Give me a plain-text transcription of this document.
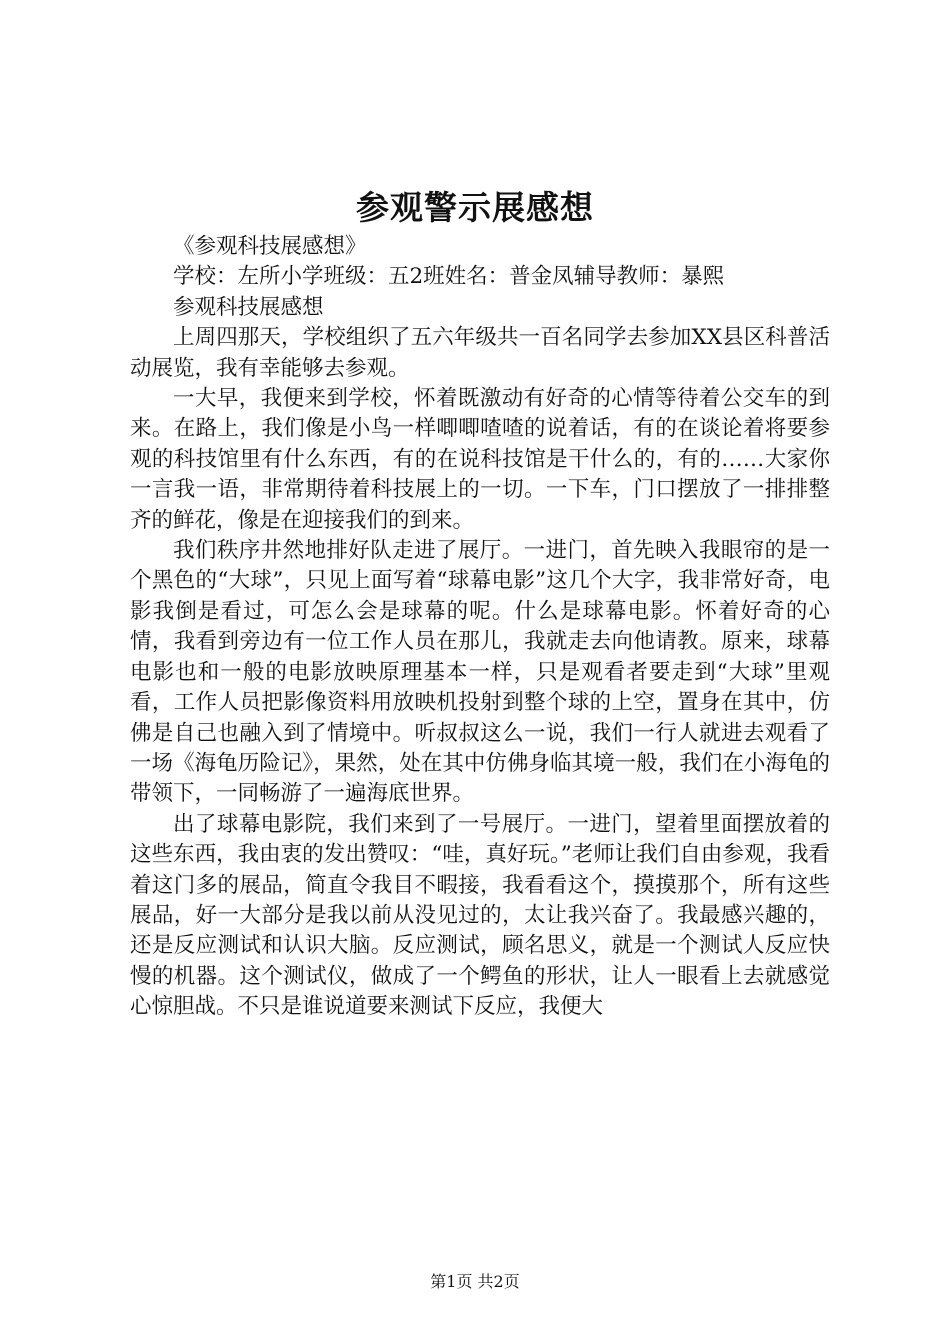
参观警示展感想

《参观科技展感想》

学校：左所小学班级：五2班姓名：普金凤辅导教师：暴熙

参观科技展感想

上周四那天，学校组织了五六年级共一百名同学去参加XX县区科普活动展览，我有幸能够去参观。

一大早，我便来到学校，怀着既激动有好奇的心情等待着公交车的到来。在路上，我们像是小鸟一样唧唧喳喳的说着话，有的在谈论着将要参观的科技馆里有什么东西，有的在说科技馆是干什么的，有的……大家你一言我一语，非常期待着科技展上的一切。一下车，门口摆放了一排排整齐的鲜花，像是在迎接我们的到来。

我们秩序井然地排好队走进了展厅。一进门，首先映入我眼帘的是一个黑色的“大球”，只见上面写着“球幕电影”这几个大字，我非常好奇，电影我倒是看过，可怎么会是球幕的呢。什么是球幕电影。怀着好奇的心情，我看到旁边有一位工作人员在那儿，我就走去向他请教。原来，球幕电影也和一般的电影放映原理基本一样，只是观看者要走到“大球”里观看，工作人员把影像资料用放映机投射到整个球的上空，置身在其中，仿佛是自己也融入到了情境中。听叔叔这么一说，我们一行人就进去观看了一场《海龟历险记》，果然，处在其中仿佛身临其境一般，我们在小海龟的带领下，一同畅游了一遍海底世界。

出了球幕电影院，我们来到了一号展厅。一进门，望着里面摆放着的这些东西，我由衷的发出赞叹：“哇，真好玩。”老师让我们自由参观，我看着这门多的展品，简直令我目不暇接，我看看这个，摸摸那个，所有这些展品，好一大部分是我以前从没见过的，太让我兴奋了。我最感兴趣的，还是反应测试和认识大脑。反应测试，顾名思义，就是一个测试人反应快慢的机器。这个测试仪，做成了一个鳄鱼的形状，让人一眼看上去就感觉心惊胆战。不只是谁说道要来测试下反应，我便大

第1页 共2页
